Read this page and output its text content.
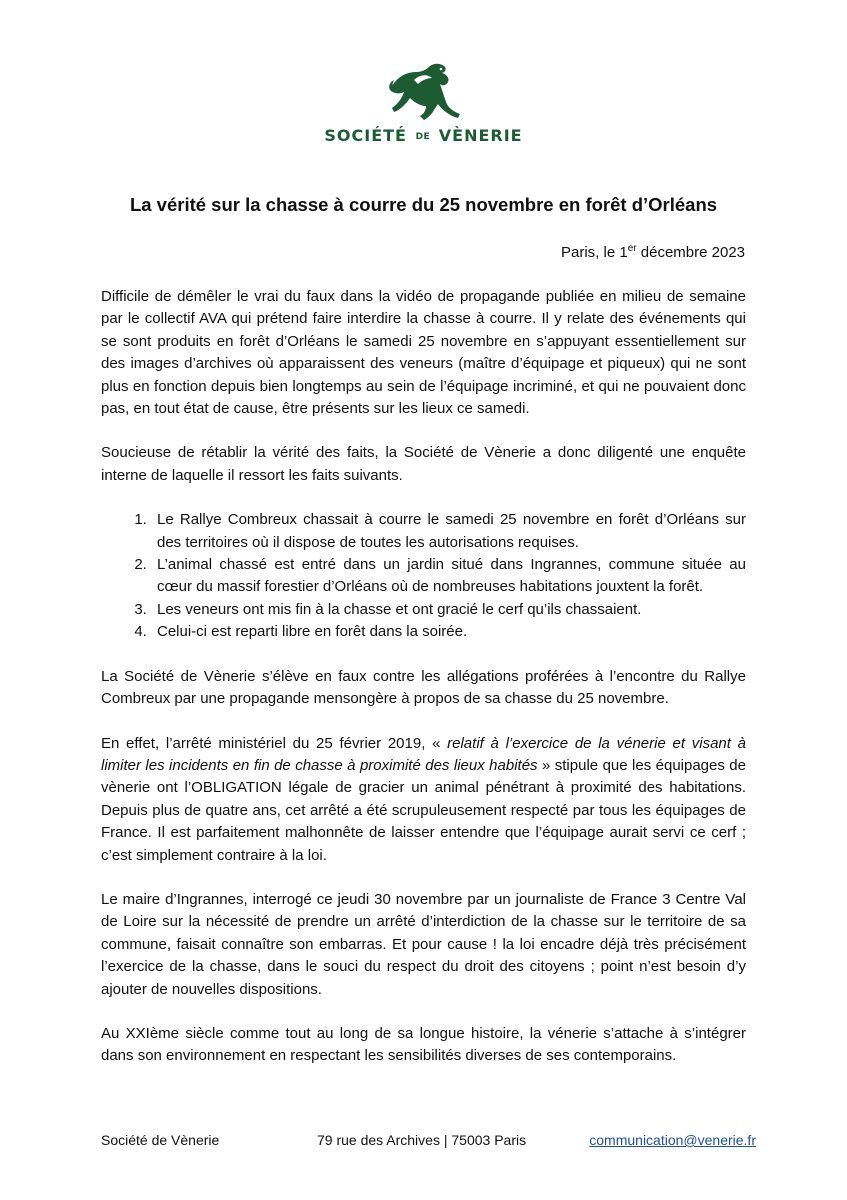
SOCIÉTÉ DE VÈNERIE
La vérité sur la chasse à courre du 25 novembre en forêt d’Orléans
Paris, le 1er décembre 2023

Difficile de démêler le vrai du faux dans la vidéo de propagande publiée en milieu de semaine par le collectif AVA qui prétend faire interdire la chasse à courre. Il y relate des événements qui se sont produits en forêt d’Orléans le samedi 25 novembre en s’appuyant essentiellement sur des images d’archives où apparaissent des veneurs (maître d’équipage et piqueux) qui ne sont plus en fonction depuis bien longtemps au sein de l’équipage incriminé, et qui ne pouvaient donc pas, en tout état de cause, être présents sur les lieux ce samedi.

Soucieuse de rétablir la vérité des faits, la Société de Vènerie a donc diligenté une enquête interne de laquelle il ressort les faits suivants.

1. Le Rallye Combreux chassait à courre le samedi 25 novembre en forêt d’Orléans sur des territoires où il dispose de toutes les autorisations requises.
2. L’animal chassé est entré dans un jardin situé dans Ingrannes, commune située au cœur du massif forestier d’Orléans où de nombreuses habitations jouxtent la forêt.
3. Les veneurs ont mis fin à la chasse et ont gracié le cerf qu’ils chassaient.
4. Celui-ci est reparti libre en forêt dans la soirée.

La Société de Vènerie s’élève en faux contre les allégations proférées à l’encontre du Rallye Combreux par une propagande mensongère à propos de sa chasse du 25 novembre.

En effet, l’arrêté ministériel du 25 février 2019, « relatif à l’exercice de la vénerie et visant à limiter les incidents en fin de chasse à proximité des lieux habités » stipule que les équipages de vènerie ont l’OBLIGATION légale de gracier un animal pénétrant à proximité des habitations. Depuis plus de quatre ans, cet arrêté a été scrupuleusement respecté par tous les équipages de France. Il est parfaitement malhonnête de laisser entendre que l’équipage aurait servi ce cerf ; c’est simplement contraire à la loi.

Le maire d’Ingrannes, interrogé ce jeudi 30 novembre par un journaliste de France 3 Centre Val de Loire sur la nécessité de prendre un arrêté d’interdiction de la chasse sur le territoire de sa commune, faisait connaître son embarras. Et pour cause ! la loi encadre déjà très précisément l’exercice de la chasse, dans le souci du respect du droit des citoyens ; point n’est besoin d’y ajouter de nouvelles dispositions.

Au XXIème siècle comme tout au long de sa longue histoire, la vénerie s’attache à s’intégrer dans son environnement en respectant les sensibilités diverses de ses contemporains.

Société de Vènerie	79 rue des Archives | 75003 Paris	communication@venerie.fr
